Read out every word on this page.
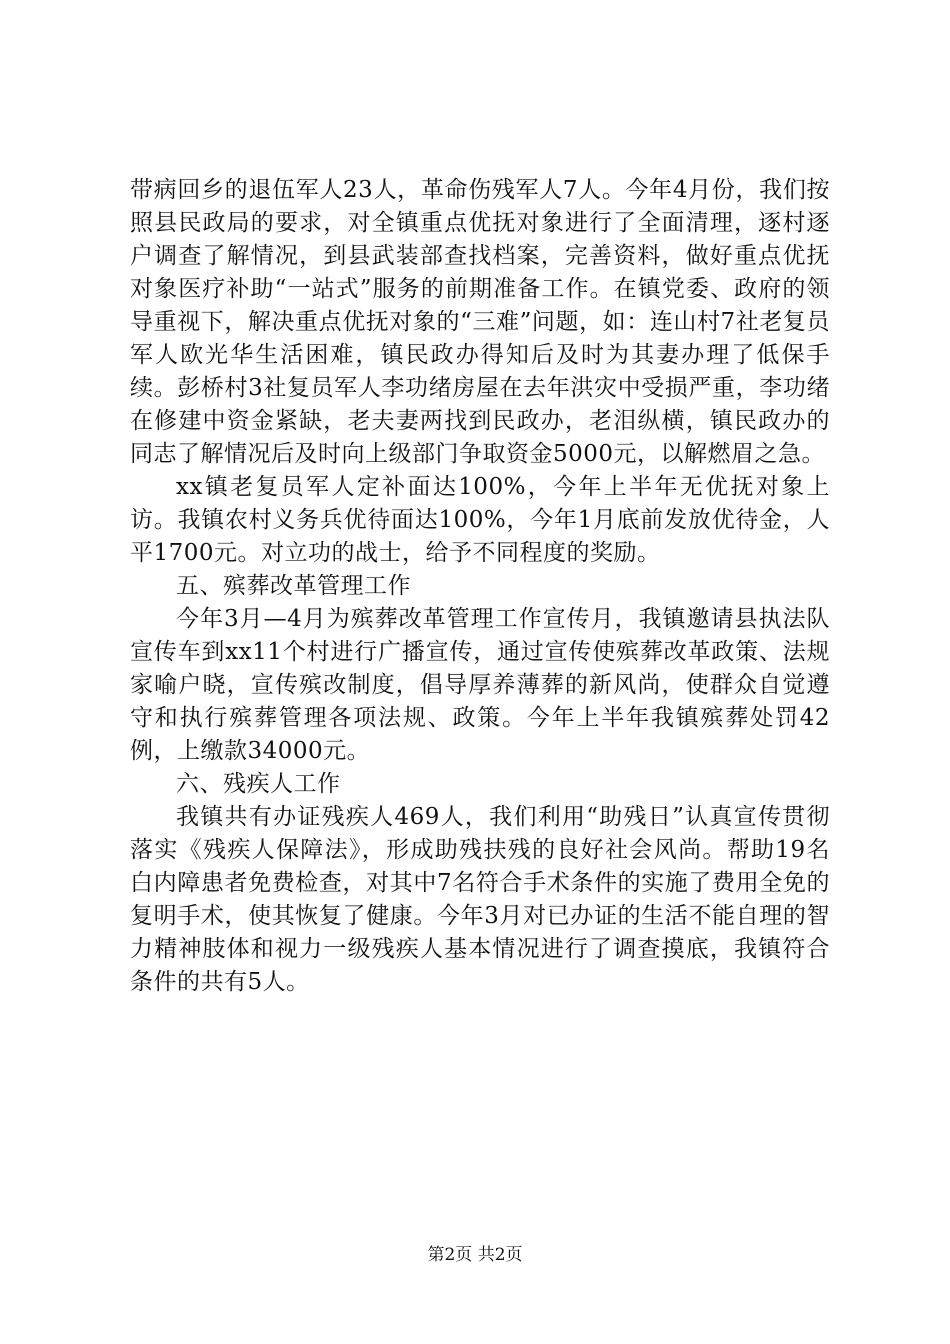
带病回乡的退伍军人23人，革命伤残军人7人。今年4月份，我们按照县民政局的要求，对全镇重点优抚对象进行了全面清理，逐村逐户调查了解情况，到县武装部查找档案，完善资料，做好重点优抚对象医疗补助“一站式”服务的前期准备工作。在镇党委、政府的领导重视下，解决重点优抚对象的“三难”问题，如：连山村7社老复员军人欧光华生活困难，镇民政办得知后及时为其妻办理了低保手续。彭桥村3社复员军人李功绪房屋在去年洪灾中受损严重，李功绪在修建中资金紧缺，老夫妻两找到民政办，老泪纵横，镇民政办的同志了解情况后及时向上级部门争取资金5000元，以解燃眉之急。

xx镇老复员军人定补面达100%，今年上半年无优抚对象上访。我镇农村义务兵优待面达100%，今年1月底前发放优待金，人平1700元。对立功的战士，给予不同程度的奖励。

五、殡葬改革管理工作

今年3月—4月为殡葬改革管理工作宣传月，我镇邀请县执法队宣传车到xx11个村进行广播宣传，通过宣传使殡葬改革政策、法规家喻户晓，宣传殡改制度，倡导厚养薄葬的新风尚，使群众自觉遵守和执行殡葬管理各项法规、政策。今年上半年我镇殡葬处罚42例，上缴款34000元。

六、残疾人工作

我镇共有办证残疾人469人，我们利用“助残日”认真宣传贯彻落实《残疾人保障法》，形成助残扶残的良好社会风尚。帮助19名白内障患者免费检查，对其中7名符合手术条件的实施了费用全免的复明手术，使其恢复了健康。今年3月对已办证的生活不能自理的智力精神肢体和视力一级残疾人基本情况进行了调查摸底，我镇符合条件的共有5人。

第2页 共2页
